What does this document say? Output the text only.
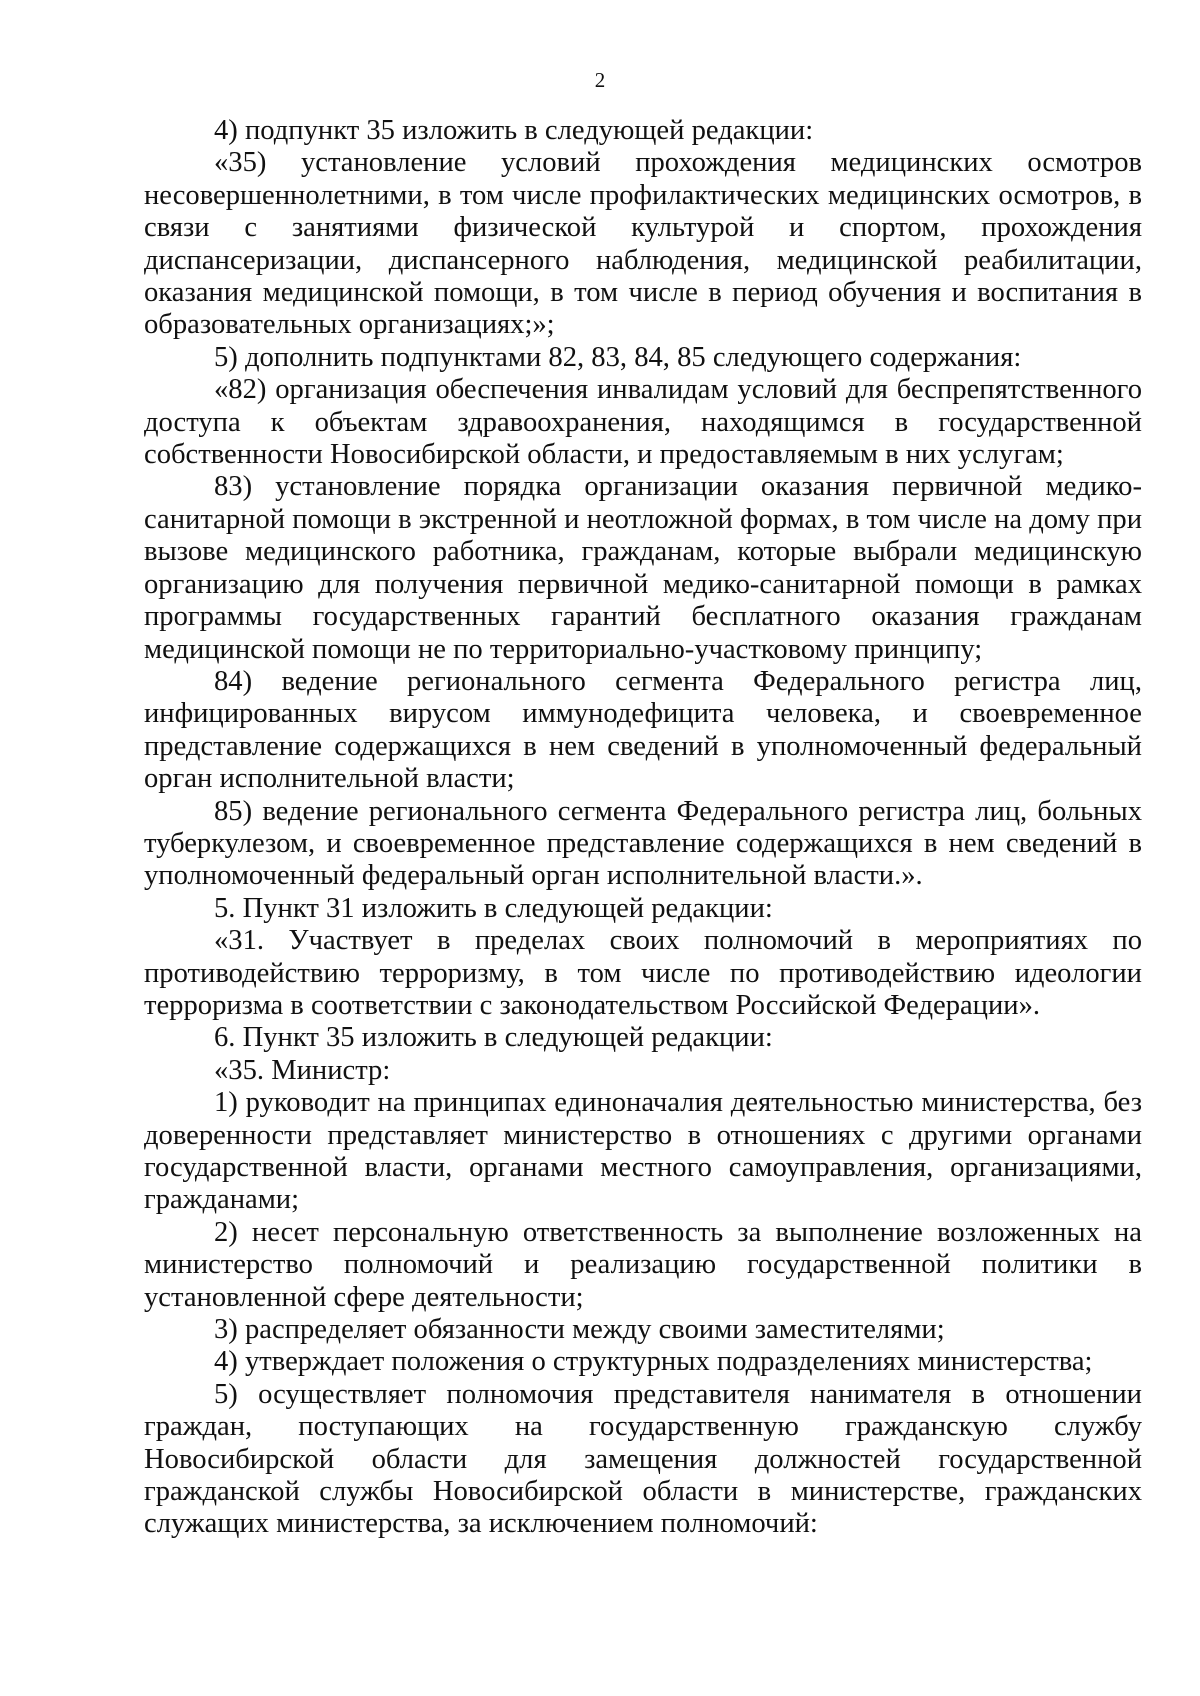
2

4) подпункт 35 изложить в следующей редакции:

«35) установление условий прохождения медицинских осмотров несовершеннолетними, в том числе профилактических медицинских осмотров, в связи с занятиями физической культурой и спортом, прохождения диспансеризации, диспансерного наблюдения, медицинской реабилитации, оказания медицинской помощи, в том числе в период обучения и воспитания в образовательных организациях;»;

5) дополнить подпунктами 82, 83, 84, 85 следующего содержания:

«82) организация обеспечения инвалидам условий для беспрепятственного доступа к объектам здравоохранения, находящимся в государственной собственности Новосибирской области, и предоставляемым в них услугам;

83) установление порядка организации оказания первичной медико-санитарной помощи в экстренной и неотложной формах, в том числе на дому при вызове медицинского работника, гражданам, которые выбрали медицинскую организацию для получения первичной медико-санитарной помощи в рамках программы государственных гарантий бесплатного оказания гражданам медицинской помощи не по территориально-участковому принципу;

84) ведение регионального сегмента Федерального регистра лиц, инфицированных вирусом иммунодефицита человека, и своевременное представление содержащихся в нем сведений в уполномоченный федеральный орган исполнительной власти;

85) ведение регионального сегмента Федерального регистра лиц, больных туберкулезом, и своевременное представление содержащихся в нем сведений в уполномоченный федеральный орган исполнительной власти.».

5. Пункт 31 изложить в следующей редакции:

«31. Участвует в пределах своих полномочий в мероприятиях по противодействию терроризму, в том числе по противодействию идеологии терроризма в соответствии с законодательством Российской Федерации».

6. Пункт 35 изложить в следующей редакции:

«35. Министр:

1) руководит на принципах единоначалия деятельностью министерства, без доверенности представляет министерство в отношениях с другими органами государственной власти, органами местного самоуправления, организациями, гражданами;

2) несет персональную ответственность за выполнение возложенных на министерство полномочий и реализацию государственной политики в установленной сфере деятельности;

3) распределяет обязанности между своими заместителями;

4) утверждает положения о структурных подразделениях министерства;

5) осуществляет полномочия представителя нанимателя в отношении граждан, поступающих на государственную гражданскую службу Новосибирской области для замещения должностей государственной гражданской службы Новосибирской области в министерстве, гражданских служащих министерства, за исключением полномочий:
